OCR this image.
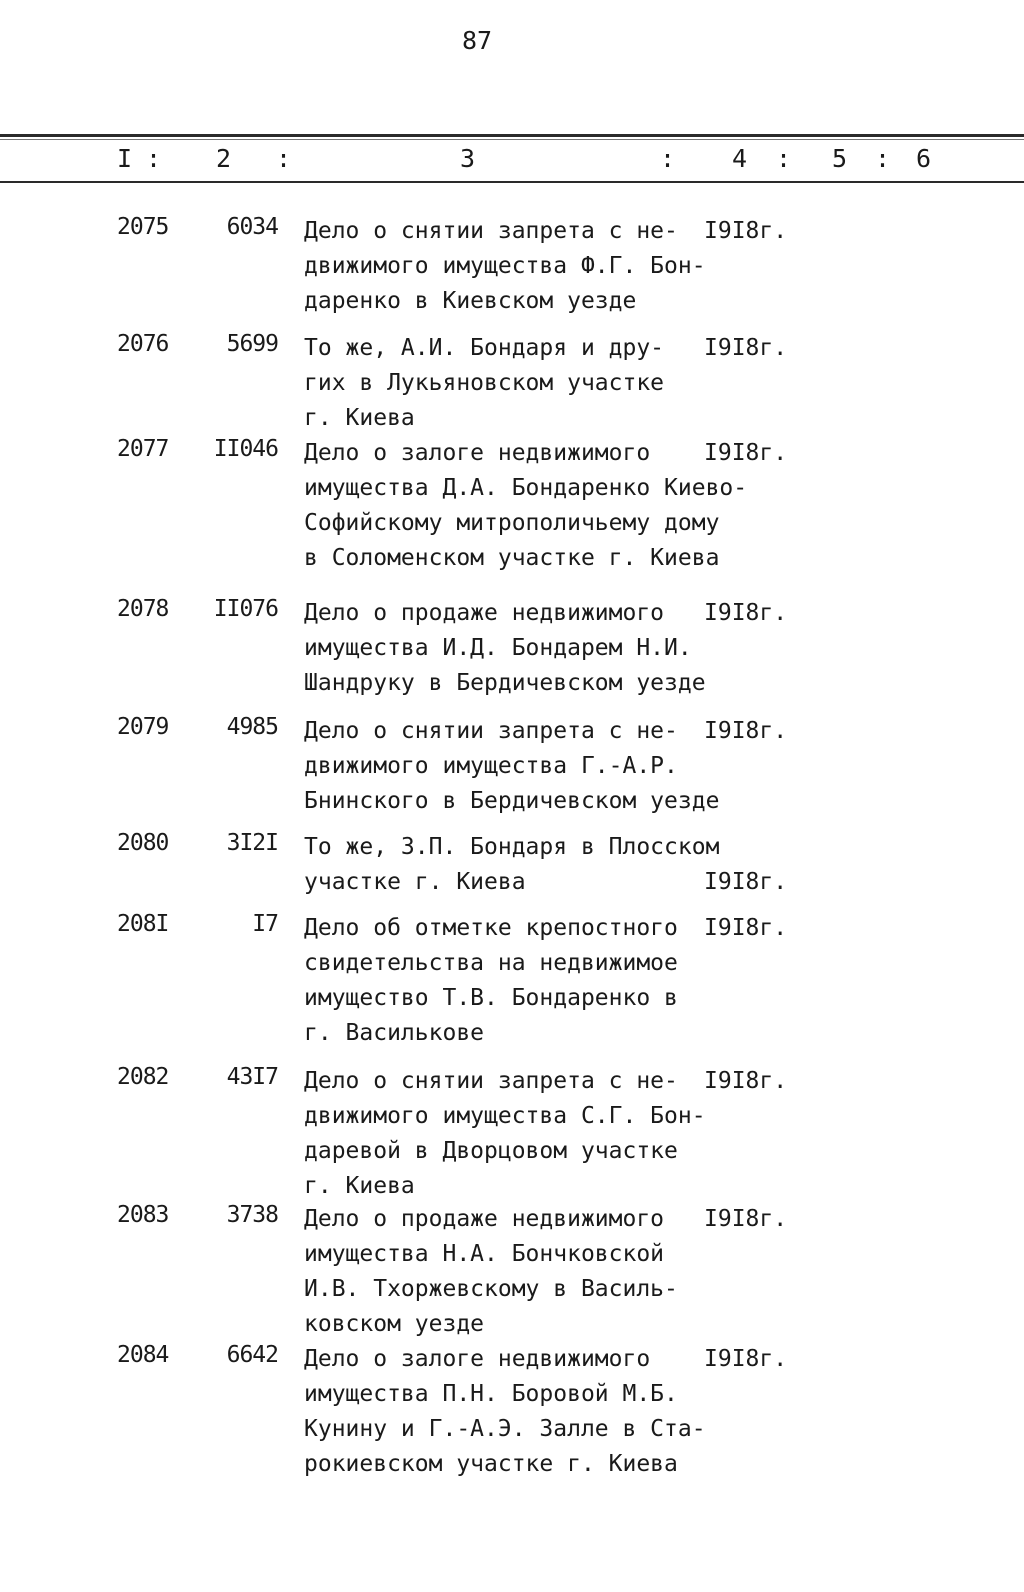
87
I : 2 :	3	: 4 : 5 : 6
2075	6034 Дело о снятии запрета с не-
движимого имущества Ф.Г. Бон-
даренко в Киевском уезде
I9I8г.
2076	5699 То же, А.И. Бондаря и дру-
гих в Лукьяновском участке
г. Киева
I9I8г.
2077	II046 Дело о залоге недвижимого
имущества Д.А. Бондаренко Киево-
Софийскому митрополичьему дому
в Соломенском участке г. Киева
I9I8г.
2078	II076 Дело о продаже недвижимого
имущества И.Д. Бондарем Н.И.
Шандруку в Бердичевском уезде
I9I8г.
2079	4985 Дело о снятии запрета с не-
движимого имущества Г.-А.Р.
Бнинского в Бердичевском уезде
I9I8г.
2080	3I2I То же, З.П. Бондаря в Плосском
участке г. Киева	I9I8г.
208I	I7 Дело об отметке крепостного
свидетельства на недвижимое
имущество Т.В. Бондаренко в
г. Василькове
I9I8г.
2082	43I7 Дело о снятии запрета с не-
движимого имущества С.Г. Бон-
даревой в Дворцовом участке
г. Киева
I9I8г.
2083	3738 Дело о продаже недвижимого
имущества Н.А. Бончковской
И.В. Тхоржевскому в Василь-
ковском уезде
I9I8г.
2084	6642 Дело о залоге недвижимого
имущества П.Н. Боровой М.Б.
Кунину и Г.-А.Э. Залле в Ста-
рокиевском участке г. Киева
I9I8г.
